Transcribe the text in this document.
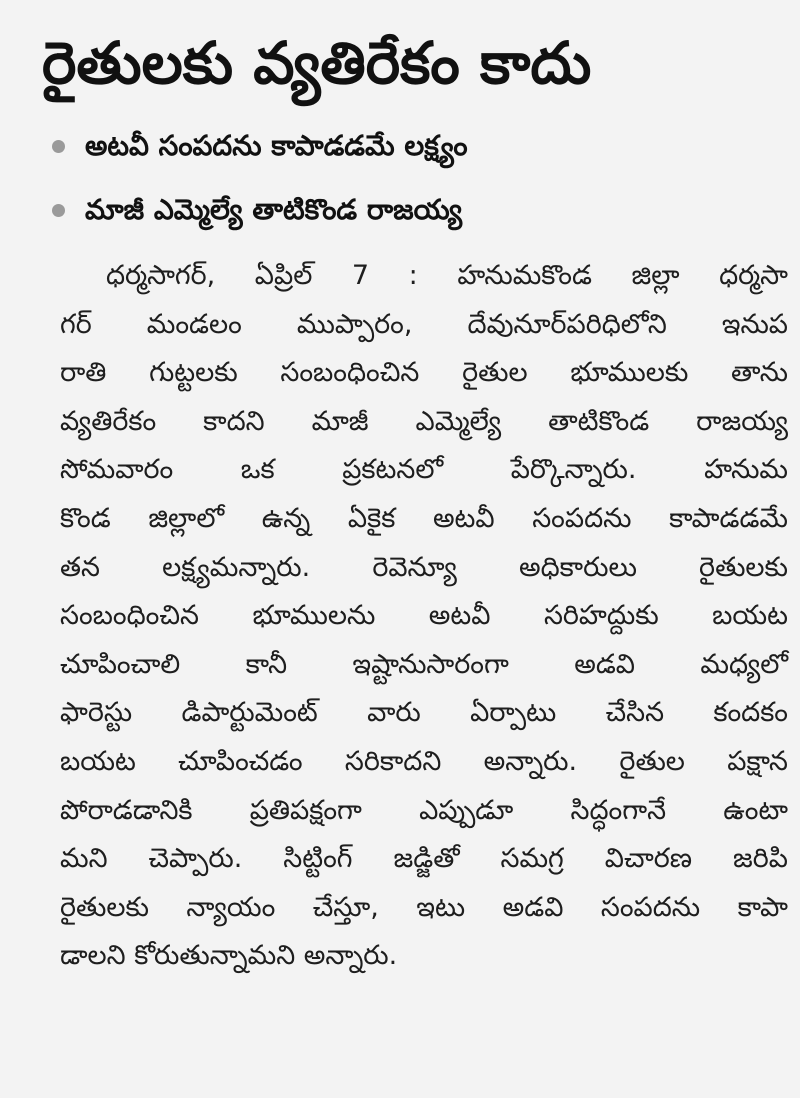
రైతులకు వ్యతిరేకం కాదు
అటవీ సంపదను కాపాడడమే లక్ష్యం
మాజీ ఎమ్మెల్యే తాటికొండ రాజయ్య
ధర్మసాగర్, ఏప్రిల్ 7 : హనుమకొండ జిల్లా ధర్మసా
గర్ మండలం ముప్పారం, దేవునూర్‌పరిధిలోని ఇనుప
రాతి గుట్టలకు సంబంధించిన రైతుల భూములకు తాను
వ్యతిరేకం కాదని మాజీ ఎమ్మెల్యే తాటికొండ రాజయ్య
సోమవారం ఒక ప్రకటనలో పేర్కొన్నారు. హనుమ
కొండ జిల్లాలో ఉన్న ఏకైక అటవీ సంపదను కాపాడడమే
తన లక్ష్యమన్నారు. రెవెన్యూ అధికారులు రైతులకు
సంబంధించిన భూములను అటవీ సరిహద్దుకు బయట
చూపించాలి కానీ ఇష్టానుసారంగా అడవి మధ్యలో
ఫారెస్టు డిపార్టుమెంట్ వారు ఏర్పాటు చేసిన కందకం
బయట చూపించడం సరికాదని అన్నారు. రైతుల పక్షాన
పోరాడడానికి ప్రతిపక్షంగా ఎప్పుడూ సిద్ధంగానే ఉంటా
మని చెప్పారు. సిట్టింగ్ జడ్జితో సమగ్ర విచారణ జరిపి
రైతులకు న్యాయం చేస్తూ, ఇటు అడవి సంపదను కాపా
డాలని కోరుతున్నామని అన్నారు.
